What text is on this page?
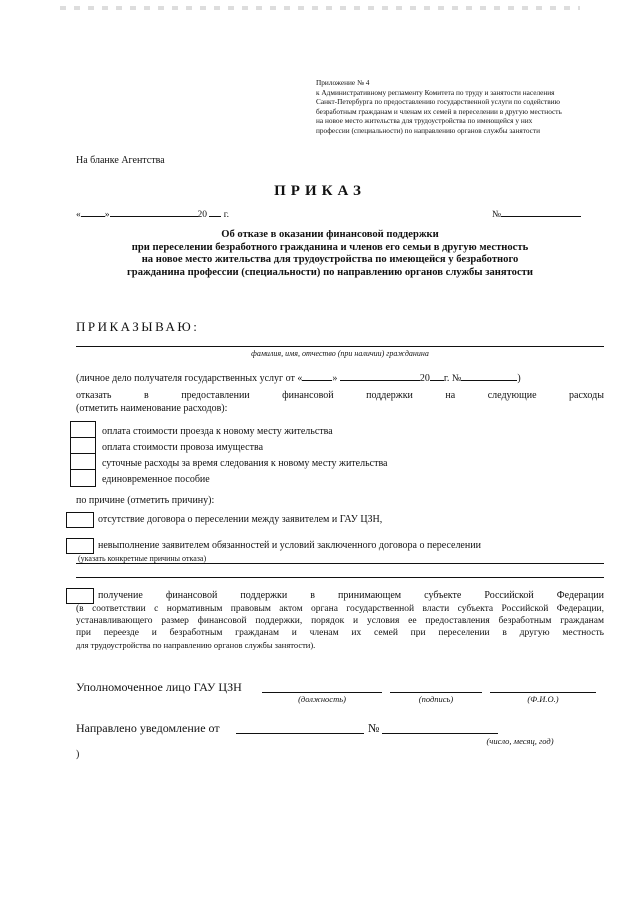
Приложение № 4
к Административному регламенту Комитета по труду и занятости населения
Санкт-Петербурга по предоставлению государственной услуги по содействию
безработным гражданам и членам их семей в переселении в другую местность
на новое место жительства для трудоустройства по имеющейся у них
профессии (специальности) по направлению органов службы занятости
На бланке Агентства
ПРИКАЗ
«	»	20 г.	№
Об отказе в оказании финансовой поддержки
при переселении безработного гражданина и членов его семьи в другую местность
на новое место жительства для трудоустройства по имеющейся у безработного
гражданина профессии (специальности) по направлению органов службы занятости
ПРИКАЗЫВАЮ:
фамилия, имя, отчество (при наличии) гражданина
(личное дело получателя государственных услуг от «	»	20 г. №	)
отказать	в	предоставлении	финансовой	поддержки	на	следующие	расходы
(отметить наименование расходов):
оплата стоимости проезда к новому месту жительства
оплата стоимости провоза имущества
суточные расходы за время следования к новому месту жительства
единовременное пособие
по причине (отметить причину):
отсутствие договора о переселении между заявителем и ГАУ ЦЗН,
невыполнение заявителем обязанностей и условий заключенного договора о переселении
(указать конкретные причины отказа)
получение финансовой поддержки в принимающем субъекте Российской Федерации
(в соответствии с нормативным правовым актом органа государственной власти субъекта Российской Федерации,
устанавливающего размер финансовой поддержки, порядок и условия ее предоставления безработным гражданам
при переезде и безработным гражданам и членам их семей при переселении в другую местность
для трудоустройства по направлению органов службы занятости).
Уполномоченное лицо ГАУ ЦЗН
(должность)	(подпись)	(Ф.И.О.)
Направлено уведомление от	№
(число, месяц, год)
)
